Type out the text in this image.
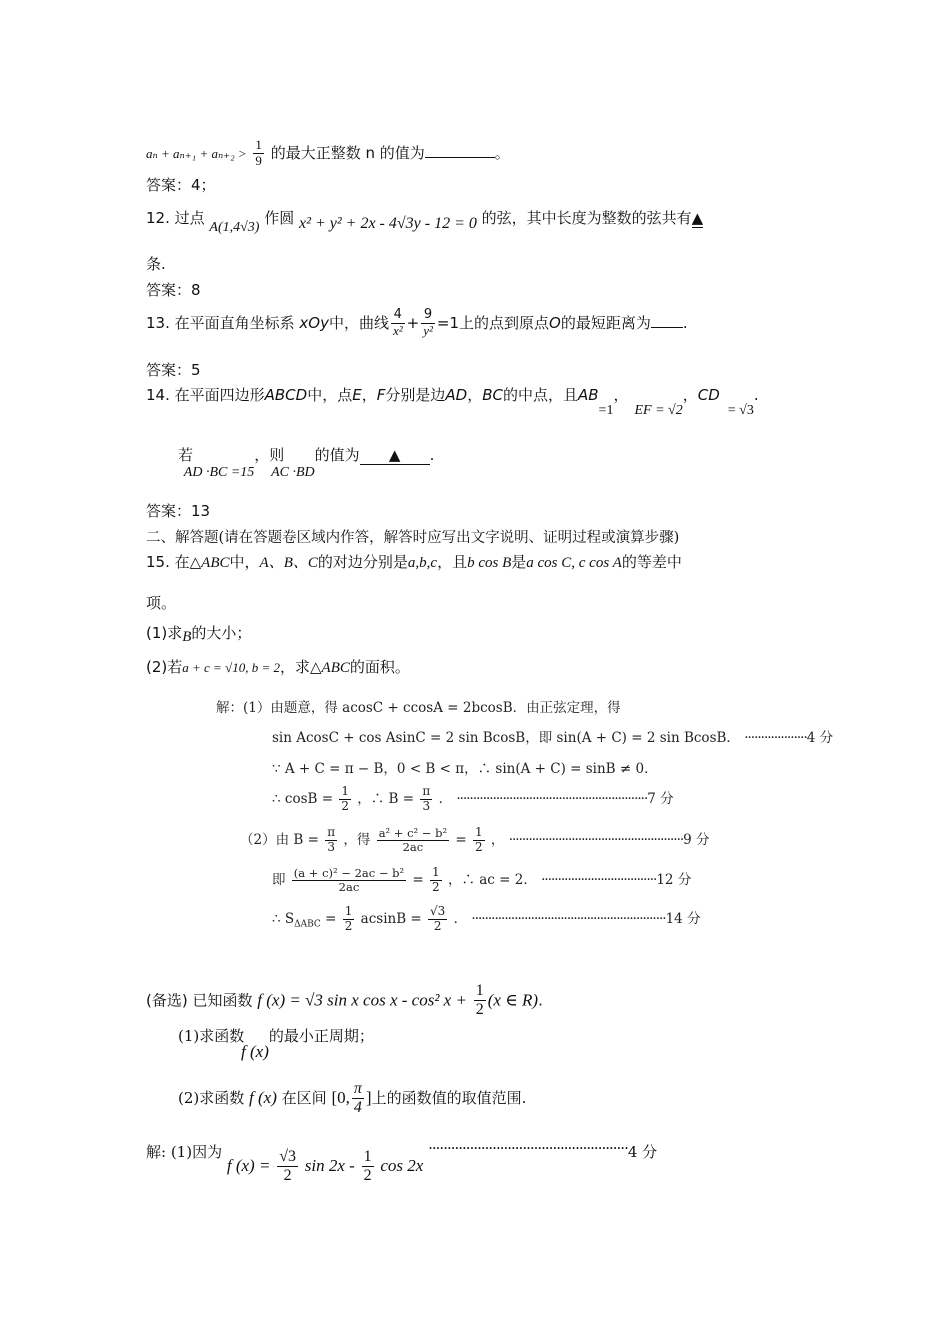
$a_n + a_{n+1} + a_{n+2} > \frac{1}{9}$ 的最大正整数 n 的值为	。
答案：4；
12. 过点 A(1,4√3) 作圆 x² + y² + 2x - 4√3y - 12 = 0 的弦，其中长度为整数的弦共有▲
条.
答案：8
13. 在平面直角坐标系 xOy中，曲线 $\frac{4}{\text{x²}} + \frac{9}{\text{y²}} =1$上的点到原点O的最短距离为 .
答案：5
14. 在平面四边形ABCD中，点E，F分别是边AD，BC的中点，且AB=1，EF = √2，CD= √3.
若 AD ·BC =15，则 AC ·BD的值为 ▲ .
答案：13
二、解答题(请在答题卷区域内作答，解答时应写出文字说明、证明过程或演算步骤)
15. 在△ABC中，A、B、C的对边分别是a,b,c，且b cos B是a cos C, c cos A的等差中
项。
(1)求B的大小；
(2)若a + c = √10, b = 2，求△ABC的面积。
解：(1）由题意，得 acosC + ccosA = 2bcosB．由正弦定理，得
sin AcosC + cos AsinC = 2 sin BcosB，即 sin(A + C) = 2 sin BcosB． ···················4 分
∵ A + C = π − B，0 < B < π，∴ sin(A + C) = sinB ≠ 0．
∴ $\cos B = \frac{1}{2}$ ，∴ $B = \frac{\pi}{3}$ ． ··························································7 分
（2）由 $B = \frac{\pi}{3}$ ，得 $\frac{\text{a² + c² − b²}}{2ac} = \frac{1}{2}$ ， ·····················································9 分
即 $\frac{\text{(a + c)² − 2ac − b²}}{2ac} = \frac{1}{2}$ ，∴ ac = 2． ···································12 分
∴ $S_{\Delta ABC} = \frac{1}{2}$ $acsinB = \frac{√3}{2}$ ． ···························································14 分
(备选) 已知函数 f (x) = √3 sin x cos x - cos² $x + \frac{1}{2} (x$ ∈ R).
(1)求函数 f (x)的最小正周期；
(2)求函数 f (x) 在区间 [0, $\frac{\pi}{4}$ ]上的函数值的取值范围.
解: (1)因为 f $(x) = \frac{√3}{2}$ $\sin 2x - \frac{1}{2}$ cos 2x ·····················································4 分
